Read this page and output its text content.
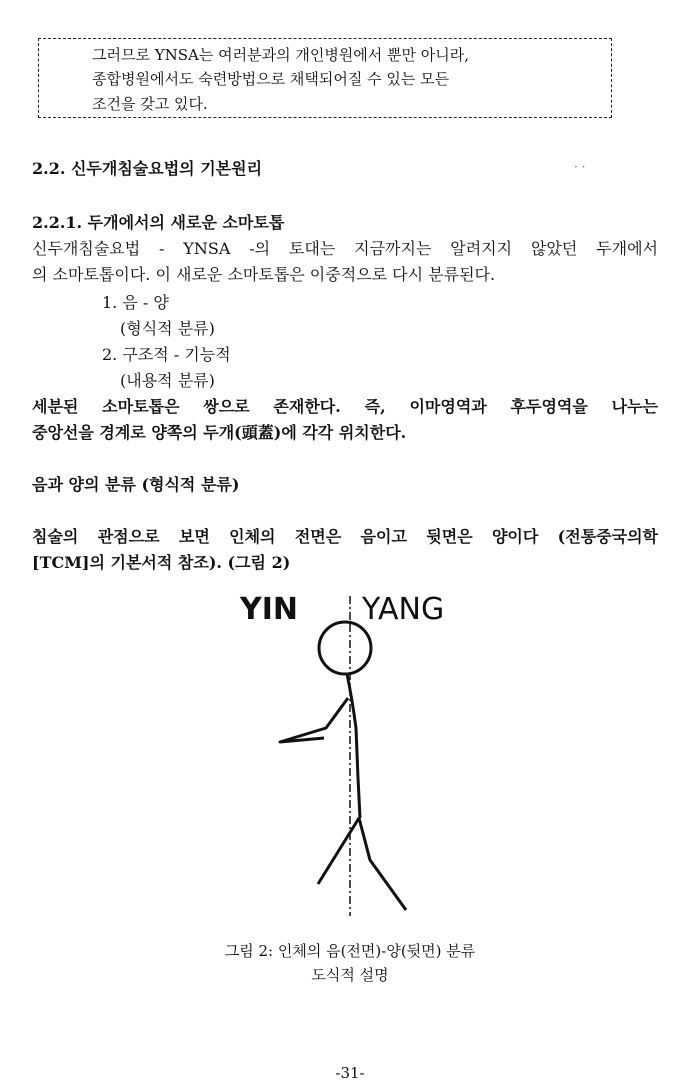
그러므로 YNSA는 여러분과의 개인병원에서 뿐만 아니라,
종합병원에서도 숙련방법으로 채택되어질 수 있는 모든
조건을 갖고 있다.
2.2. 신두개침술요법의 기본원리	· ·
2.2.1. 두개에서의 새로운 소마토톱
신두개침술요법 - YNSA -의 토대는 지금까지는 알려지지 않았던 두개에서
의 소마토톱이다. 이 새로운 소마토톱은 이중적으로 다시 분류된다.
1. 음 - 양
(형식적 분류)
2. 구조적 - 기능적
(내용적 분류)
세분된 소마토톱은 쌍으로 존재한다. 즉, 이마영역과 후두영역을 나누는
중앙선을 경계로 양쪽의 두개(頭蓋)에 각각 위치한다.
음과 양의 분류 (형식적 분류)
침술의 관점으로 보면 인체의 전면은 음이고 뒷면은 양이다 (전통중국의학
[TCM]의 기본서적 참조). (그림 2)
YIN YANG
그림 2: 인체의 음(전면)-양(뒷면) 분류
도식적 설명
-31-
